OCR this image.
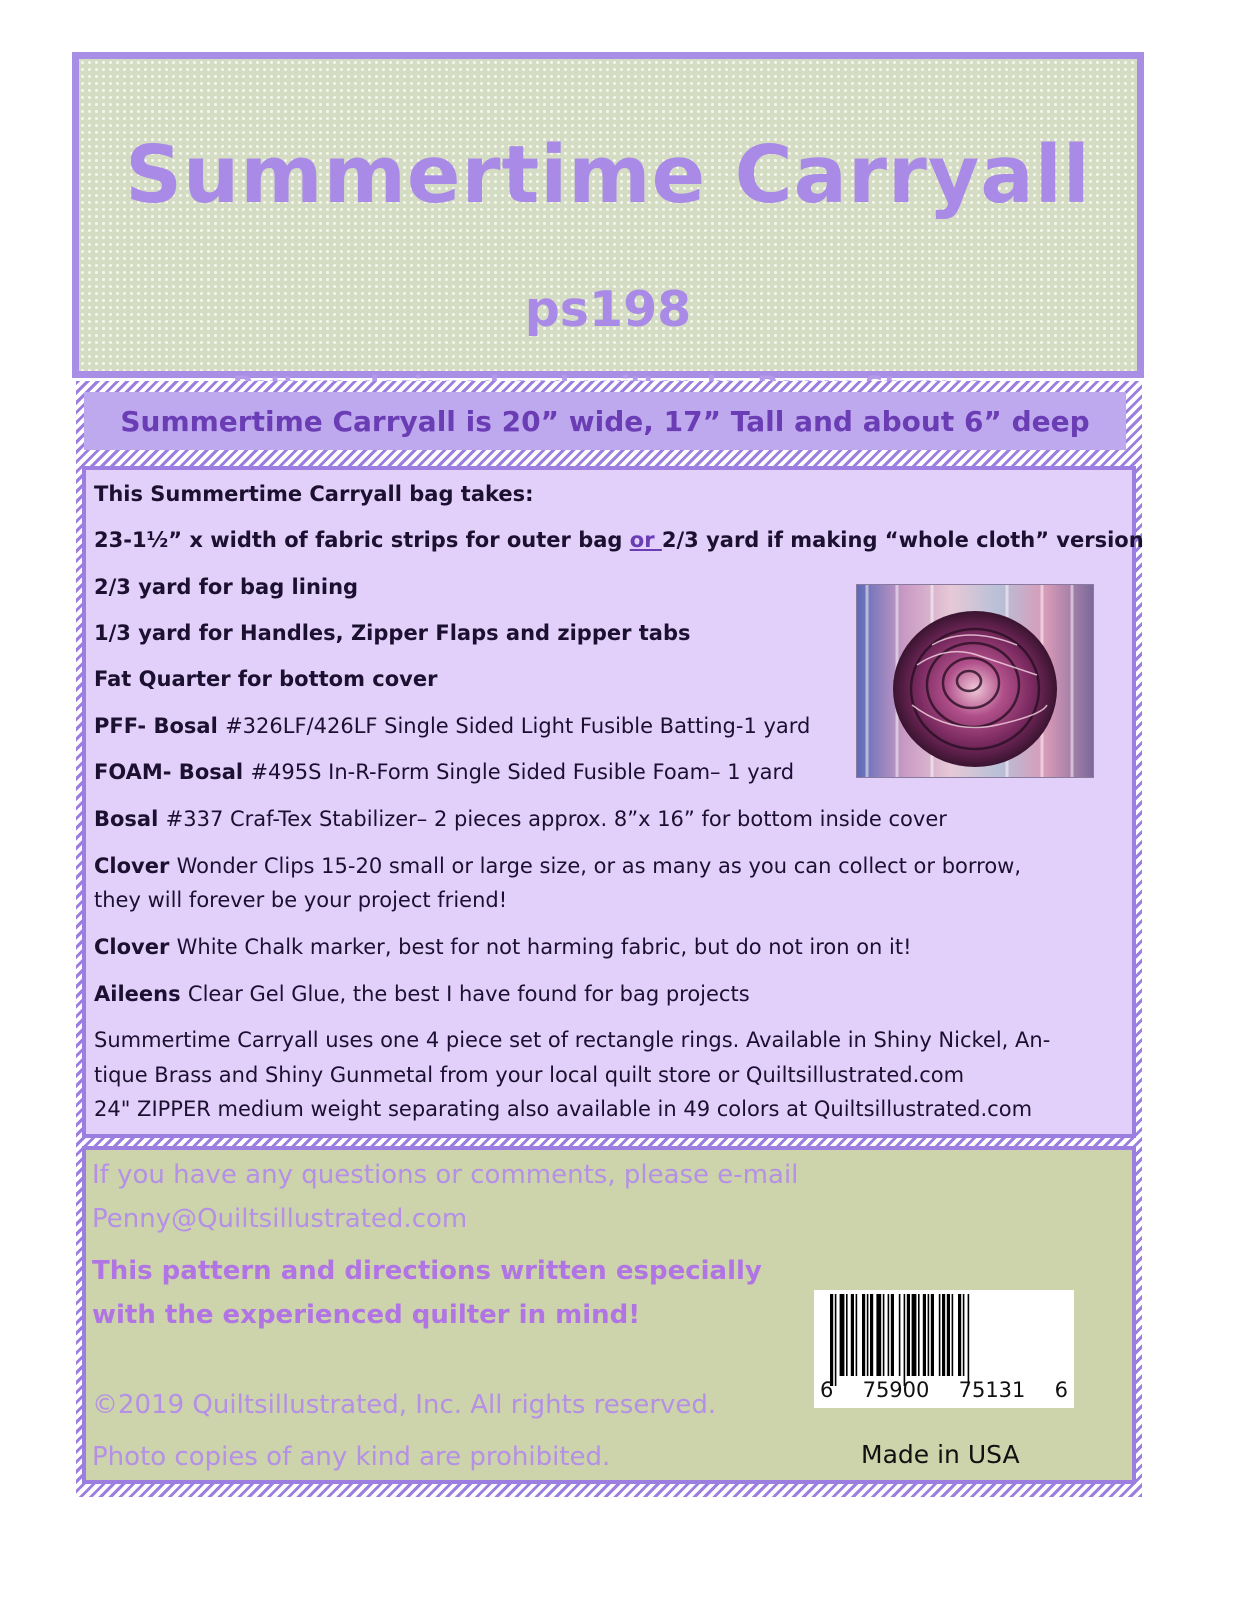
Summertime Carryall
ps198
Summertime Carryall is 20” wide, 17” Tall and about 6” deep
This Summertime Carryall bag takes:
23-1½” x width of fabric strips for outer bag or 2/3 yard if making “whole cloth” version
2/3 yard for bag lining
1/3 yard for Handles, Zipper Flaps and zipper tabs
Fat Quarter for bottom cover
PFF- Bosal #326LF/426LF Single Sided Light Fusible Batting-1 yard
FOAM- Bosal #495S In-R-Form Single Sided Fusible Foam– 1 yard
Bosal #337 Craf-Tex Stabilizer– 2 pieces approx. 8”x 16” for bottom inside cover
Clover Wonder Clips 15-20 small or large size, or as many as you can collect or borrow,
they will forever be your project friend!
Clover White Chalk marker, best for not harming fabric, but do not iron on it!
Aileens Clear Gel Glue, the best I have found for bag projects
Summertime Carryall uses one 4 piece set of rectangle rings. Available in Shiny Nickel, An-
tique Brass and Shiny Gunmetal from your local quilt store or Quiltsillustrated.com
24" ZIPPER medium weight separating also available in 49 colors at Quiltsillustrated.com
If you have any questions or comments, please e-mail
Penny@Quiltsillustrated.com
This pattern and directions written especially
with the experienced quilter in mind!
©2019 Quiltsillustrated, Inc. All rights reserved.
Photo copies of any kind are prohibited.
6 75900 75131 6
Made in USA
